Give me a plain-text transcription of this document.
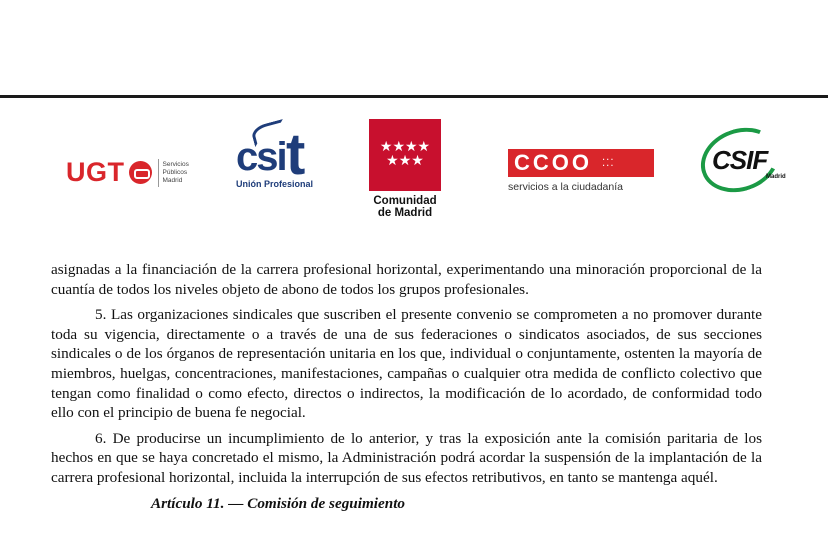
UGT	Servicios
Públicos
Madrid
csi t
Unión Profesional
★★★★
★★★
Comunidad
de Madrid
CCOO ⁚⁚⁚
servicios a la ciudadanía
CSIF
Madrid

asignadas a la financiación de la carrera profesional horizontal, experimentando una minoración proporcional de la cuantía de todos los niveles objeto de abono de todos los grupos profesionales.

5. Las organizaciones sindicales que suscriben el presente convenio se comprometen a no promover durante toda su vigencia, directamente o a través de una de sus federaciones o sindicatos asociados, de sus secciones sindicales o de los órganos de representación unitaria en los que, individual o conjuntamente, ostenten la mayoría de miembros, huelgas, concentraciones, manifestaciones, campañas o cualquier otra medida de conflicto colectivo que tengan como finalidad o como efecto, directos o indirectos, la modificación de lo acordado, de conformidad todo ello con el principio de buena fe negocial.

6. De producirse un incumplimiento de lo anterior, y tras la exposición ante la comisión paritaria de los hechos en que se haya concretado el mismo, la Administración podrá acordar la suspensión de la implantación de la carrera profesional horizontal, incluida la interrupción de sus efectos retributivos, en tanto se mantenga aquél.

Artículo 11. — Comisión de seguimiento
